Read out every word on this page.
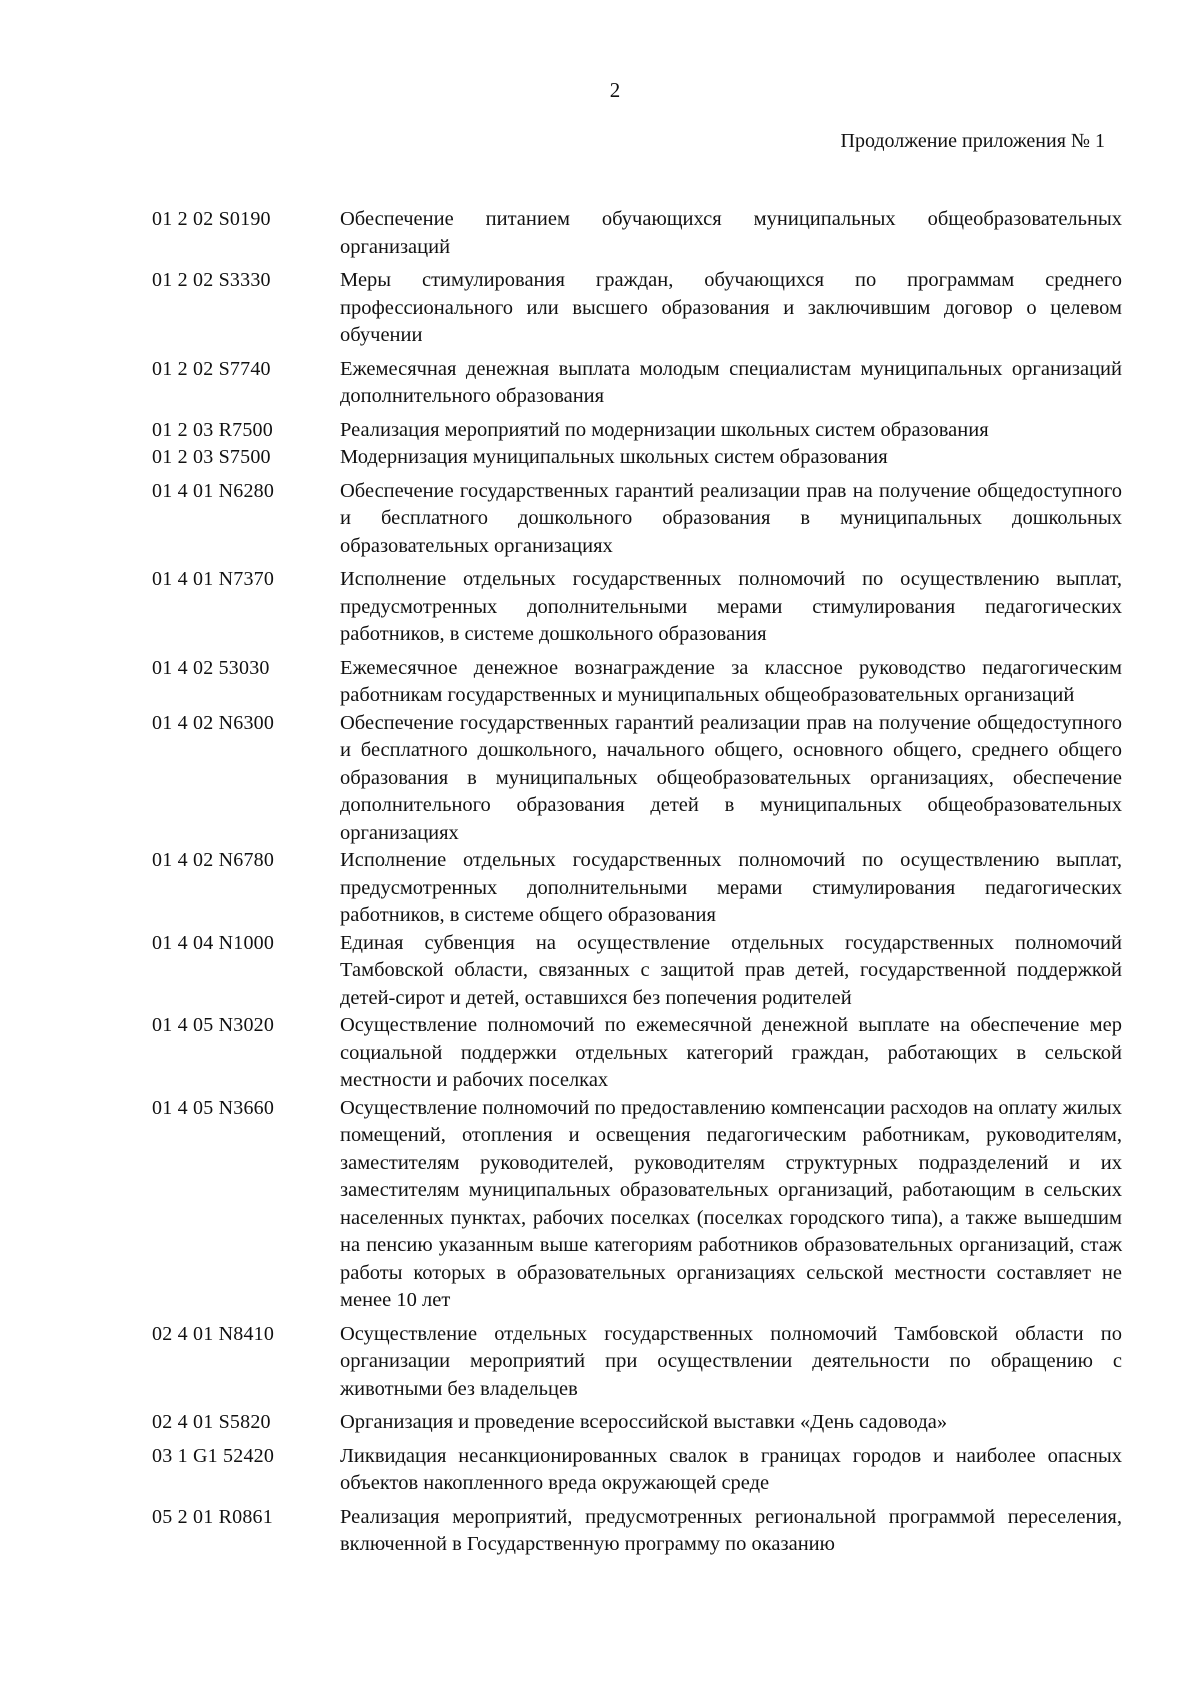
2
Продолжение приложения № 1
01 2 02 S0190	Обеспечение питанием обучающихся муниципальных общеобразовательных организаций
01 2 02 S3330	Меры стимулирования граждан, обучающихся по программам среднего профессионального или высшего образования и заключившим договор о целевом обучении
01 2 02 S7740	Ежемесячная денежная выплата молодым специалистам муниципальных организаций дополнительного образования
01 2 03 R7500	Реализация мероприятий по модернизации школьных систем образования
01 2 03 S7500	Модернизация муниципальных школьных систем образования
01 4 01 N6280	Обеспечение государственных гарантий реализации прав на получение общедоступного и бесплатного дошкольного образования в муниципальных дошкольных образовательных организациях
01 4 01 N7370	Исполнение отдельных государственных полномочий по осуществлению выплат, предусмотренных дополнительными мерами стимулирования педагогических работников, в системе дошкольного образования
01 4 02 53030	Ежемесячное денежное вознаграждение за классное руководство педагогическим работникам государственных и муниципальных общеобразовательных организаций
01 4 02 N6300	Обеспечение государственных гарантий реализации прав на получение общедоступного и бесплатного дошкольного, начального общего, основного общего, среднего общего образования в муниципальных общеобразовательных организациях, обеспечение дополнительного образования детей в муниципальных общеобразовательных организациях
01 4 02 N6780	Исполнение отдельных государственных полномочий по осуществлению выплат, предусмотренных дополнительными мерами стимулирования педагогических работников, в системе общего образования
01 4 04 N1000	Единая субвенция на осуществление отдельных государственных полномочий Тамбовской области, связанных с защитой прав детей, государственной поддержкой детей-сирот и детей, оставшихся без попечения родителей
01 4 05 N3020	Осуществление полномочий по ежемесячной денежной выплате на обеспечение мер социальной поддержки отдельных категорий граждан, работающих в сельской местности и рабочих поселках
01 4 05 N3660	Осуществление полномочий по предоставлению компенсации расходов на оплату жилых помещений, отопления и освещения педагогическим работникам, руководителям, заместителям руководителей, руководителям структурных подразделений и их заместителям муниципальных образовательных организаций, работающим в сельских населенных пунктах, рабочих поселках (поселках городского типа), а также вышедшим на пенсию указанным выше категориям работников образовательных организаций, стаж работы которых в образовательных организациях сельской местности составляет не менее 10 лет
02 4 01 N8410	Осуществление отдельных государственных полномочий Тамбовской области по организации мероприятий при осуществлении деятельности по обращению с животными без владельцев
02 4 01 S5820	Организация и проведение всероссийской выставки «День садовода»
03 1 G1 52420	Ликвидация несанкционированных свалок в границах городов и наиболее опасных объектов накопленного вреда окружающей среде
05 2 01 R0861	Реализация мероприятий, предусмотренных региональной программой переселения, включенной в Государственную программу по оказанию
